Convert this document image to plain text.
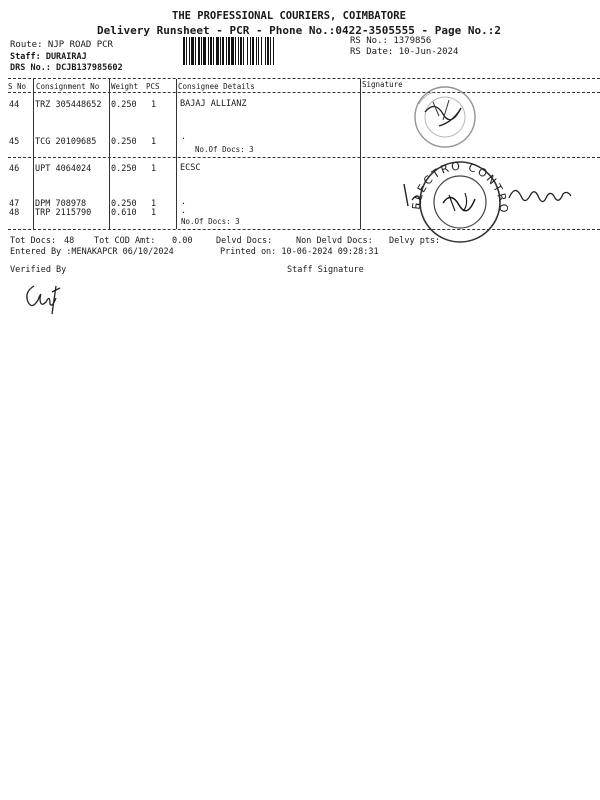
THE PROFESSIONAL COURIERS, COIMBATORE
Delivery Runsheet - PCR - Phone No.:0422-3505555 - Page No.:2
Route: NJP ROAD PCR
Staff: DURAIRAJ
DRS No.: DCJB137985602
RS No.: 1379856
RS Date: 10-Jun-2024
S No Consignment No Weight PCS Consignee Details	Signature
44 TRZ 305448652 0.250 1	BAJAJ ALLIANZ
45 TCG 20109685 0.250 1	.
No.Of Docs: 3
46 UPT 4064024 0.250 1	ECSC
47 DPM 708978	0.250 1	.
48 TRP 2115790 0.610 1	.
No.Of Docs: 3
ELECTRO CONTROLS
Tot Docs: 48 Tot COD Amt: 0.00	Delvd Docs:	Non Delvd Docs: Delvy pts:
Entered By :MENAKAPCR 06/10/2024	Printed on: 10-06-2024 09:28:31
Verified By	Staff Signature
